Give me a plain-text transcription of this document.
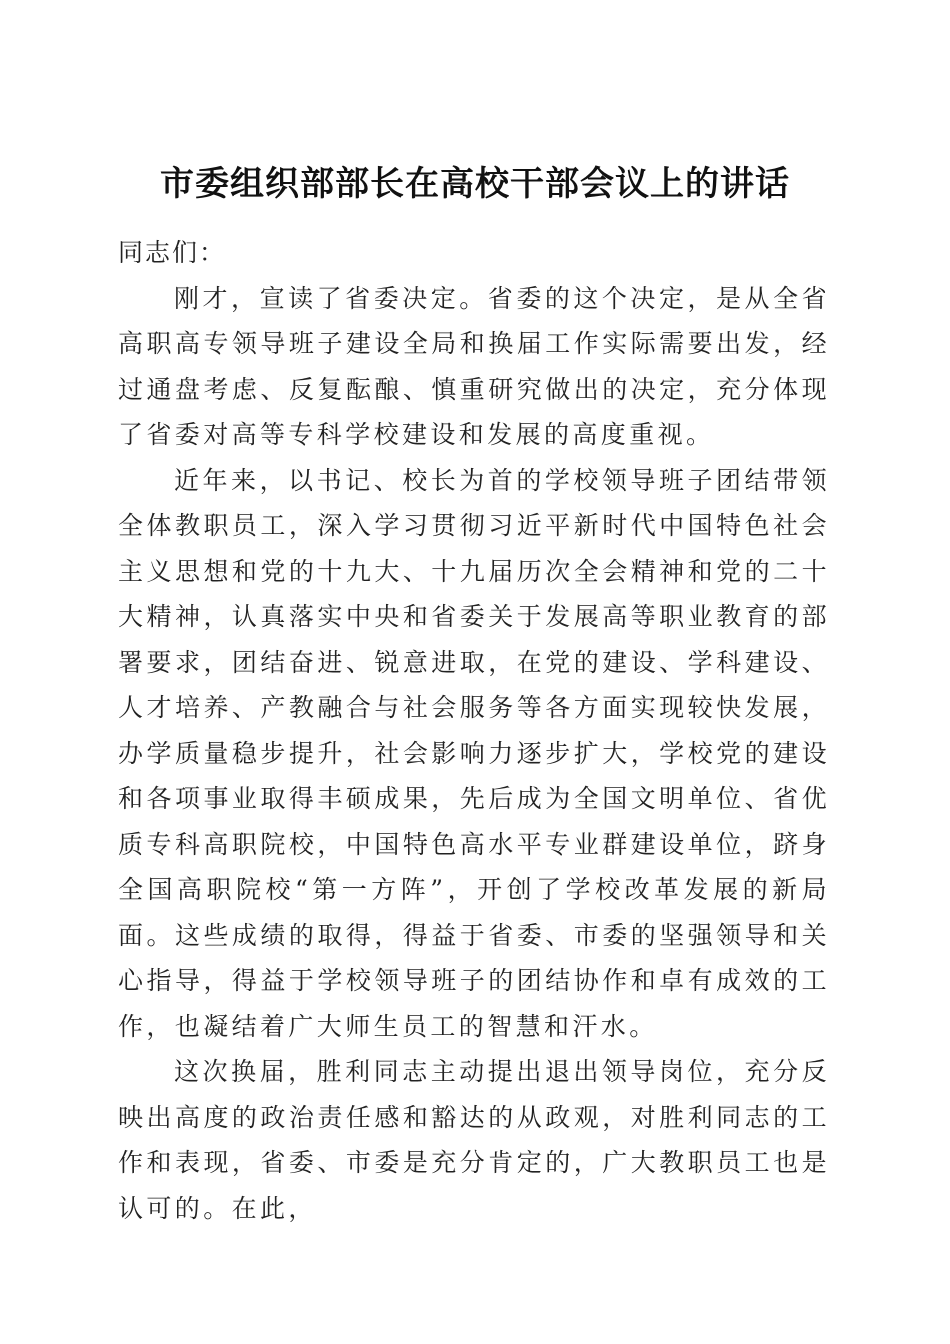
市委组织部部长在高校干部会议上的讲话

同志们：

刚才，宣读了省委决定。省委的这个决定，是从全省高职高专领导班子建设全局和换届工作实际需要出发，经过通盘考虑、反复酝酿、慎重研究做出的决定，充分体现了省委对高等专科学校建设和发展的高度重视。

近年来，以书记、校长为首的学校领导班子团结带领全体教职员工，深入学习贯彻习近平新时代中国特色社会主义思想和党的十九大、十九届历次全会精神和党的二十大精神，认真落实中央和省委关于发展高等职业教育的部署要求，团结奋进、锐意进取，在党的建设、学科建设、人才培养、产教融合与社会服务等各方面实现较快发展，办学质量稳步提升，社会影响力逐步扩大，学校党的建设和各项事业取得丰硕成果，先后成为全国文明单位、省优质专科高职院校，中国特色高水平专业群建设单位，跻身全国高职院校“第一方阵”，开创了学校改革发展的新局面。这些成绩的取得，得益于省委、市委的坚强领导和关心指导，得益于学校领导班子的团结协作和卓有成效的工作，也凝结着广大师生员工的智慧和汗水。

这次换届，胜利同志主动提出退出领导岗位，充分反映出高度的政治责任感和豁达的从政观，对胜利同志的工作和表现，省委、市委是充分肯定的，广大教职员工也是认可的。在此，
